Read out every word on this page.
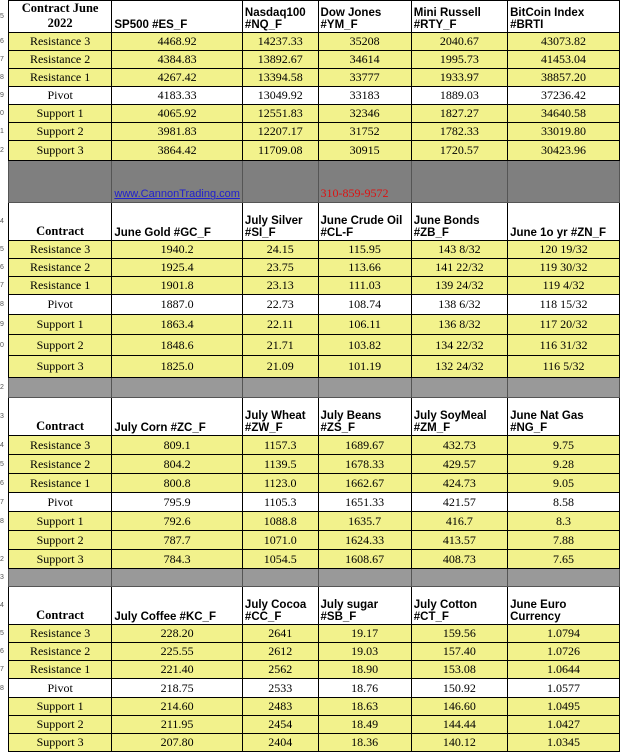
5	Contract June 2022	SP500 #ES_F	Nasdaq100 #NQ_F	Dow Jones #YM_F	Mini Russell #RTY_F	BitCoin Index #BRTI
6	Resistance 3	4468.92	14237.33	35208	2040.67	43073.82
7	Resistance 2	4384.83	13892.67	34614	1995.73	41453.04
8	Resistance 1	4267.42	13394.58	33777	1933.97	38857.20
9	Pivot	4183.33	13049.92	33183	1889.03	37236.42
0	Support 1	4065.92	12551.83	32346	1827.27	34640.58
1	Support 2	3981.83	12207.17	31752	1782.33	33019.80
2	Support 3	3864.42	11709.08	30915	1720.57	30423.96
		www.CannonTrading.com		310-859-9572		
4	Contract	June Gold #GC_F	July Silver #SI_F	June Crude Oil #CL-F	June Bonds #ZB_F	June 1o yr #ZN_F
5	Resistance 3	1940.2	24.15	115.95	143 8/32	120 19/32
6	Resistance 2	1925.4	23.75	113.66	141 22/32	119 30/32
7	Resistance 1	1901.8	23.13	111.03	139 24/32	119 4/32
8	Pivot	1887.0	22.73	108.74	138 6/32	118 15/32
9	Support 1	1863.4	22.11	106.11	136 8/32	117 20/32
0	Support 2	1848.6	21.71	103.82	134 22/32	116 31/32
	Support 3	1825.0	21.09	101.19	132 24/32	116 5/32
2						
3	Contract	July Corn #ZC_F	July Wheat #ZW_F	July Beans #ZS_F	July SoyMeal #ZM_F	June Nat Gas #NG_F
4	Resistance 3	809.1	1157.3	1689.67	432.73	9.75
5	Resistance 2	804.2	1139.5	1678.33	429.57	9.28
6	Resistance 1	800.8	1123.0	1662.67	424.73	9.05
7	Pivot	795.9	1105.3	1651.33	421.57	8.58
8	Support 1	792.6	1088.8	1635.7	416.7	8.3
	Support 2	787.7	1071.0	1624.33	413.57	7.88
2	Support 3	784.3	1054.5	1608.67	408.73	7.65
3						
4	Contract	July Coffee #KC_F	July Cocoa #CC_F	July sugar #SB_F	July Cotton #CT_F	June Euro Currency
5	Resistance 3	228.20	2641	19.17	159.56	1.0794
6	Resistance 2	225.55	2612	19.03	157.40	1.0726
7	Resistance 1	221.40	2562	18.90	153.08	1.0644
8	Pivot	218.75	2533	18.76	150.92	1.0577
	Support 1	214.60	2483	18.63	146.60	1.0495
	Support 2	211.95	2454	18.49	144.44	1.0427
	Support 3	207.80	2404	18.36	140.12	1.0345
